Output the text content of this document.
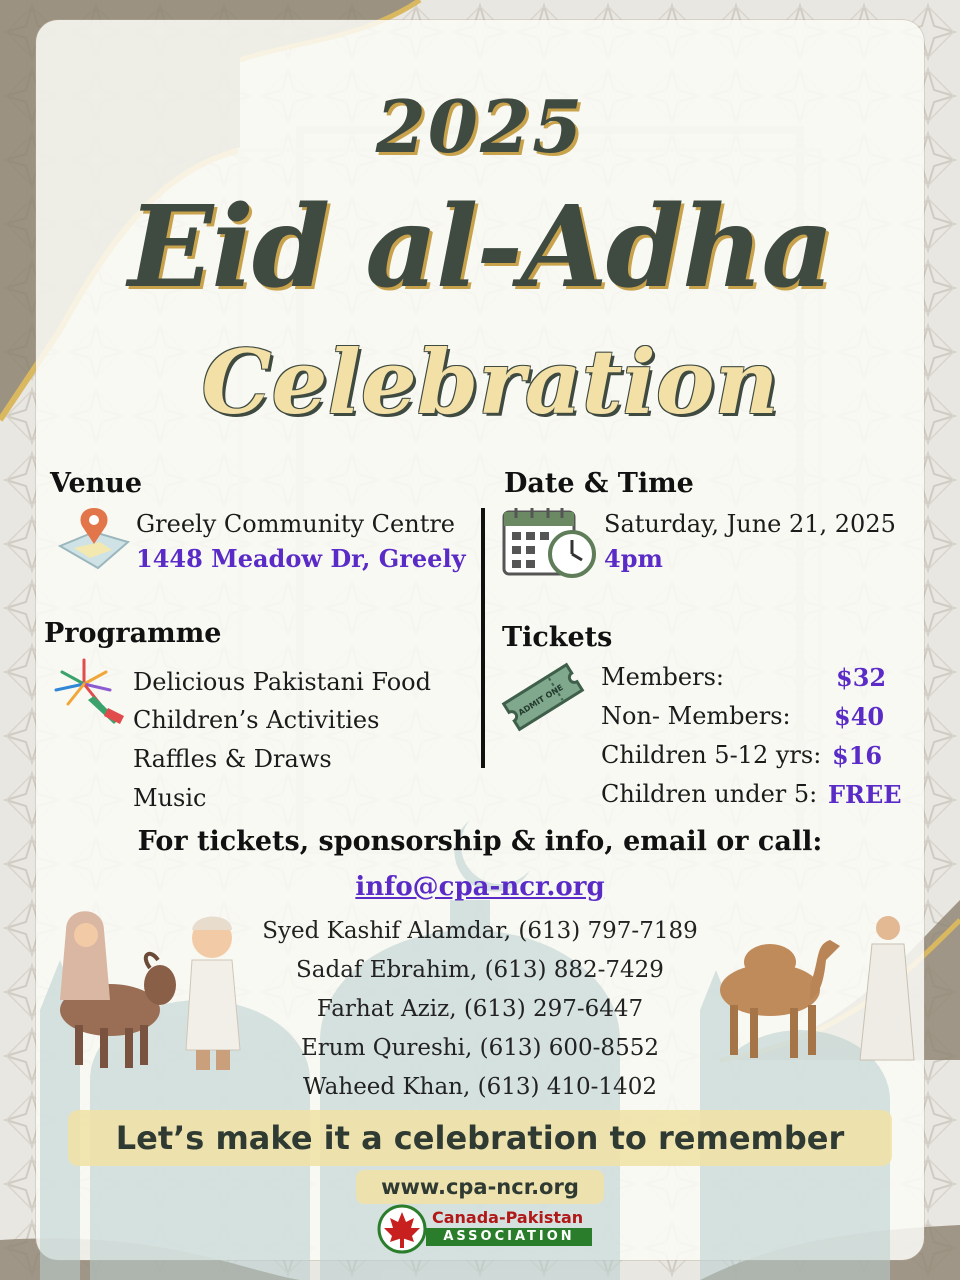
2025
Eid al-Adha
Celebration
Venue
Greely Community Centre
1448 Meadow Dr, Greely
Date & Time
Saturday, June 21, 2025
4pm
Programme
Delicious Pakistani Food
Children’s Activities
Raffles & Draws
Music
Tickets
ADMIT ONE
Members:	$32
Non- Members: $40
Children 5-12 yrs: $16
Children under 5: FREE
For tickets, sponsorship & info, email or call:
info@cpa-ncr.org
Syed Kashif Alamdar, (613) 797-7189
Sadaf Ebrahim, (613) 882-7429
Farhat Aziz, (613) 297-6447
Erum Qureshi, (613) 600-8552
Waheed Khan, (613) 410-1402
Let’s make it a celebration to remember
www.cpa-ncr.org
Canada-Pakistan
ASSOCIATION
